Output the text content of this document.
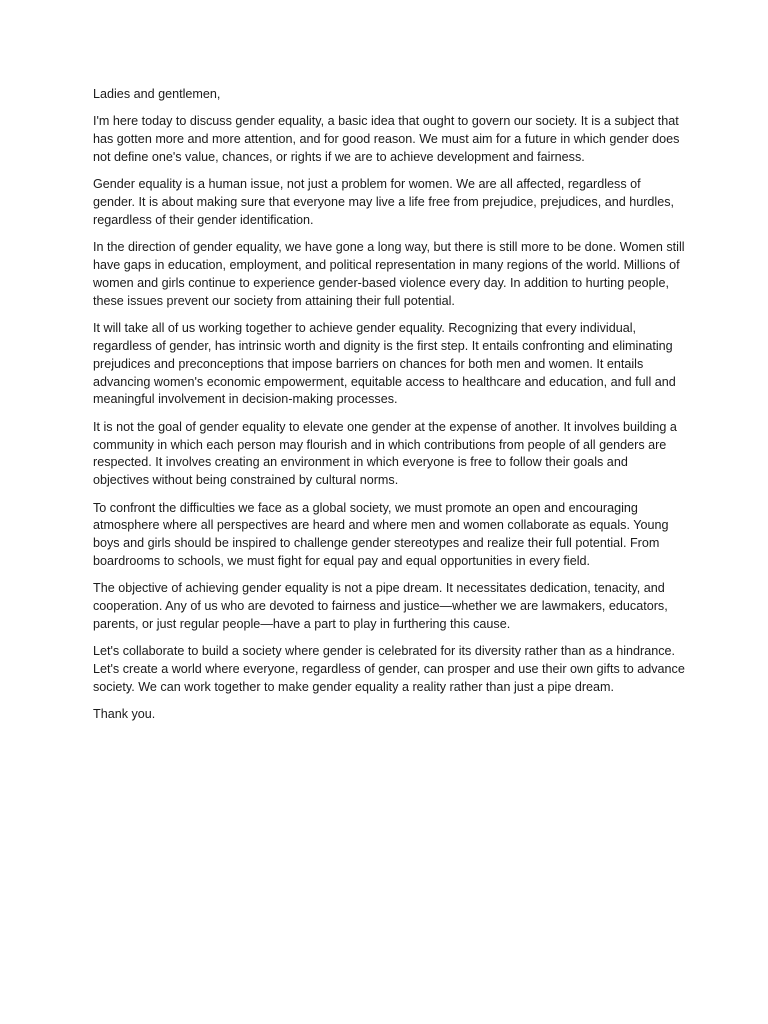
Ladies and gentlemen,

I'm here today to discuss gender equality, a basic idea that ought to govern our society. It is a subject that has gotten more and more attention, and for good reason. We must aim for a future in which gender does not define one's value, chances, or rights if we are to achieve development and fairness.

Gender equality is a human issue, not just a problem for women. We are all affected, regardless of gender. It is about making sure that everyone may live a life free from prejudice, prejudices, and hurdles, regardless of their gender identification.

In the direction of gender equality, we have gone a long way, but there is still more to be done. Women still have gaps in education, employment, and political representation in many regions of the world. Millions of women and girls continue to experience gender-based violence every day. In addition to hurting people, these issues prevent our society from attaining their full potential.

It will take all of us working together to achieve gender equality. Recognizing that every individual, regardless of gender, has intrinsic worth and dignity is the first step. It entails confronting and eliminating prejudices and preconceptions that impose barriers on chances for both men and women. It entails advancing women's economic empowerment, equitable access to healthcare and education, and full and meaningful involvement in decision-making processes.

It is not the goal of gender equality to elevate one gender at the expense of another. It involves building a community in which each person may flourish and in which contributions from people of all genders are respected. It involves creating an environment in which everyone is free to follow their goals and objectives without being constrained by cultural norms.

To confront the difficulties we face as a global society, we must promote an open and encouraging atmosphere where all perspectives are heard and where men and women collaborate as equals. Young boys and girls should be inspired to challenge gender stereotypes and realize their full potential. From boardrooms to schools, we must fight for equal pay and equal opportunities in every field.

The objective of achieving gender equality is not a pipe dream. It necessitates dedication, tenacity, and cooperation. Any of us who are devoted to fairness and justice—whether we are lawmakers, educators, parents, or just regular people—have a part to play in furthering this cause.

Let's collaborate to build a society where gender is celebrated for its diversity rather than as a hindrance. Let's create a world where everyone, regardless of gender, can prosper and use their own gifts to advance society. We can work together to make gender equality a reality rather than just a pipe dream.

Thank you.
